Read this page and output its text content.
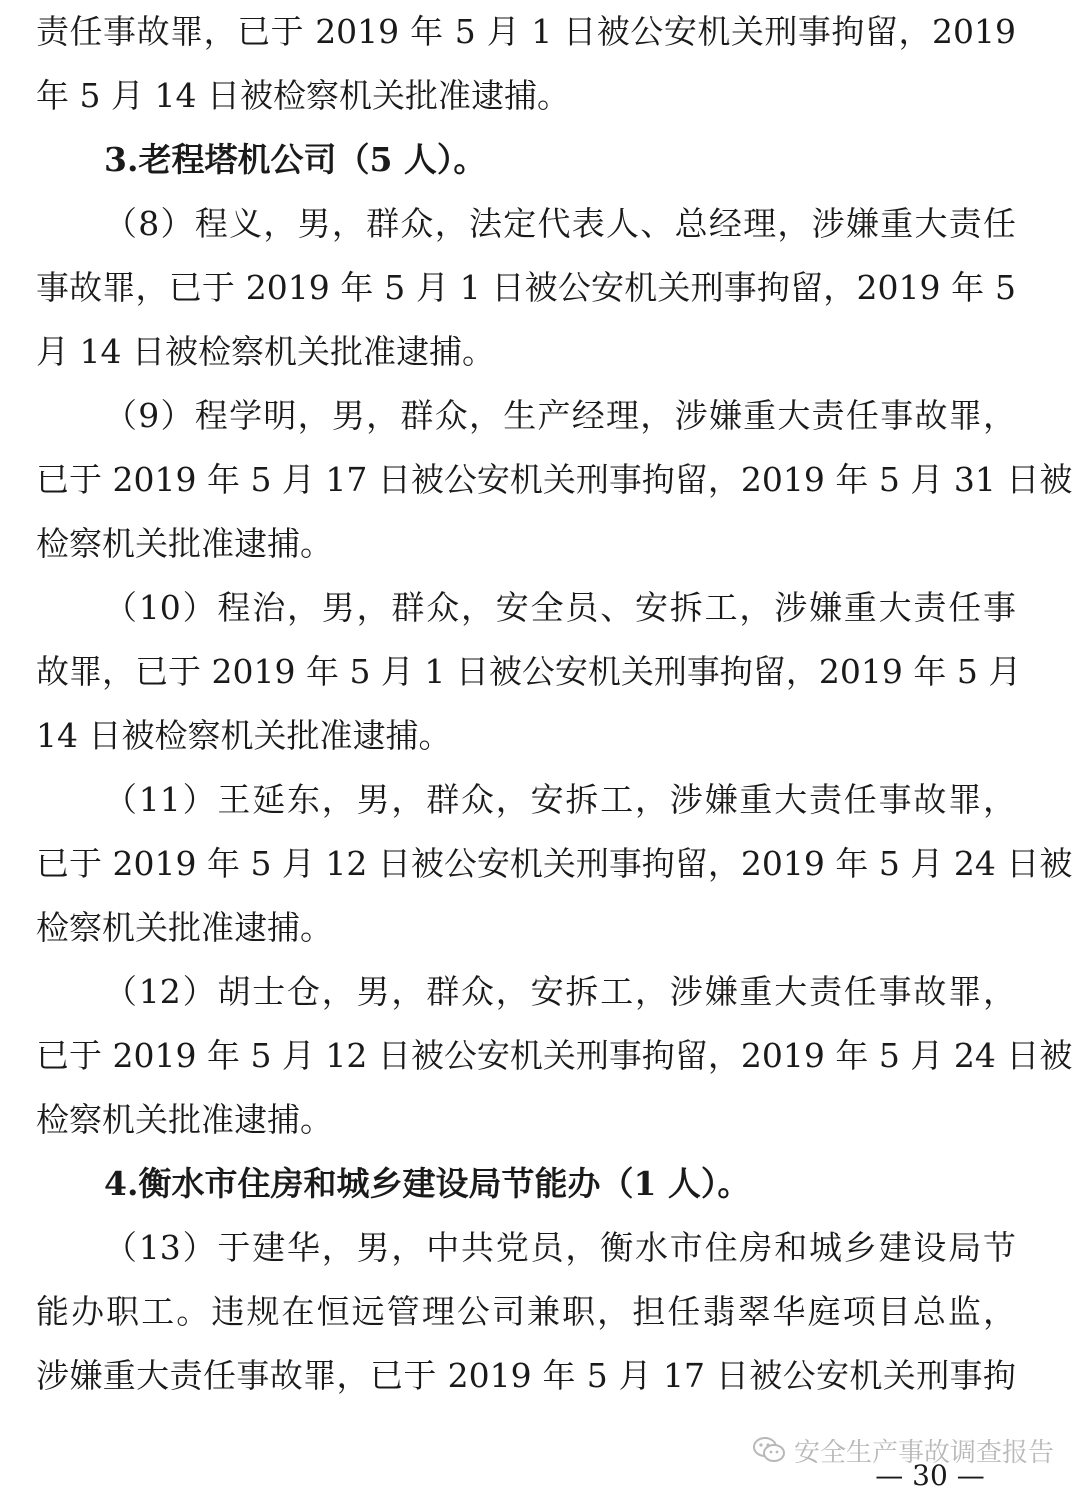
责任事故罪，已于 2019 年 5 月 1 日被公安机关刑事拘留，2019
年 5 月 14 日被检察机关批准逮捕。
3.老程塔机公司（5 人）。
（8）程义，男，群众，法定代表人、总经理，涉嫌重大责任
事故罪，已于 2019 年 5 月 1 日被公安机关刑事拘留，2019 年 5
月 14 日被检察机关批准逮捕。
（9）程学明，男，群众，生产经理，涉嫌重大责任事故罪，
已于 2019 年 5 月 17 日被公安机关刑事拘留，2019 年 5 月 31 日被
检察机关批准逮捕。
（10）程治，男，群众，安全员、安拆工，涉嫌重大责任事
故罪，已于 2019 年 5 月 1 日被公安机关刑事拘留，2019 年 5 月
14 日被检察机关批准逮捕。
（11）王延东，男，群众，安拆工，涉嫌重大责任事故罪，
已于 2019 年 5 月 12 日被公安机关刑事拘留，2019 年 5 月 24 日被
检察机关批准逮捕。
（12）胡士仓，男，群众，安拆工，涉嫌重大责任事故罪，
已于 2019 年 5 月 12 日被公安机关刑事拘留，2019 年 5 月 24 日被
检察机关批准逮捕。
4.衡水市住房和城乡建设局节能办（1 人）。
（13）于建华，男，中共党员，衡水市住房和城乡建设局节
能办职工。违规在恒远管理公司兼职，担任翡翠华庭项目总监，
涉嫌重大责任事故罪，已于 2019 年 5 月 17 日被公安机关刑事拘
安全生产事故调查报告
— 30 —
